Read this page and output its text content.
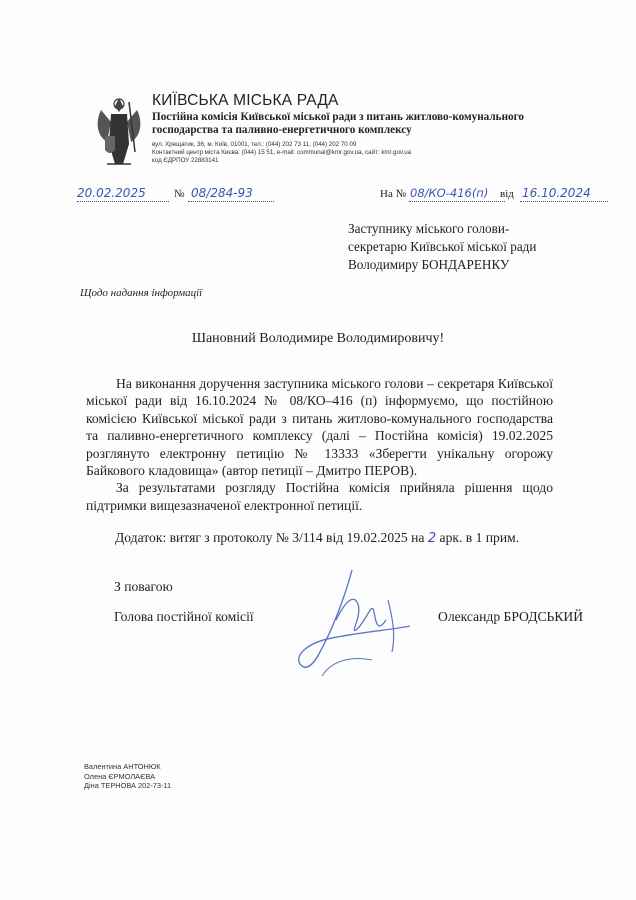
КИЇВСЬКА МІСЬКА РАДА
Постійна комісія Київської міської ради з питань житлово-комунального
господарства та паливно-енергетичного комплексу
вул. Хрещатик, 36, м. Київ, 01001, тел.: (044) 202 73 11, (044) 202 70 09
Контактний центр міста Києва: (044) 15 51, e-mail: communal@kmr.gov.ua, сайт: kmr.gov.ua
код ЄДРПОУ 22883141
20.02.2025	№ 08/284-93	На № 08/КО-416(п) від 16.10.2024
Заступнику міського голови-
секретарю Київської міської ради
Володимиру БОНДАРЕНКУ
Щодо надання інформації
Шановний Володимире Володимировичу!

На виконання доручення заступника міського голови – секретаря Київської міської ради від 16.10.2024 № 08/КО–416 (п) інформуємо, що постійною комісією Київської міської ради з питань житлово-комунального господарства та паливно-енергетичного комплексу (далі – Постійна комісія) 19.02.2025 розглянуто електронну петицію № 13333 «Зберегти унікальну огорожу Байкового кладовища» (автор петиції – Дмитро ПЕРОВ).

За результатами розгляду Постійна комісія прийняла рішення щодо підтримки вищезазначеної електронної петиції.

Додаток: витяг з протоколу № 3/114 від 19.02.2025 на 2 арк. в 1 прим.
З повагою
Голова постійної комісії	Олександр БРОДСЬКИЙ
Валентина АНТОНЮК
Олена ЄРМОЛАЄВА
Діна ТЕРНОВА 202-73-11
